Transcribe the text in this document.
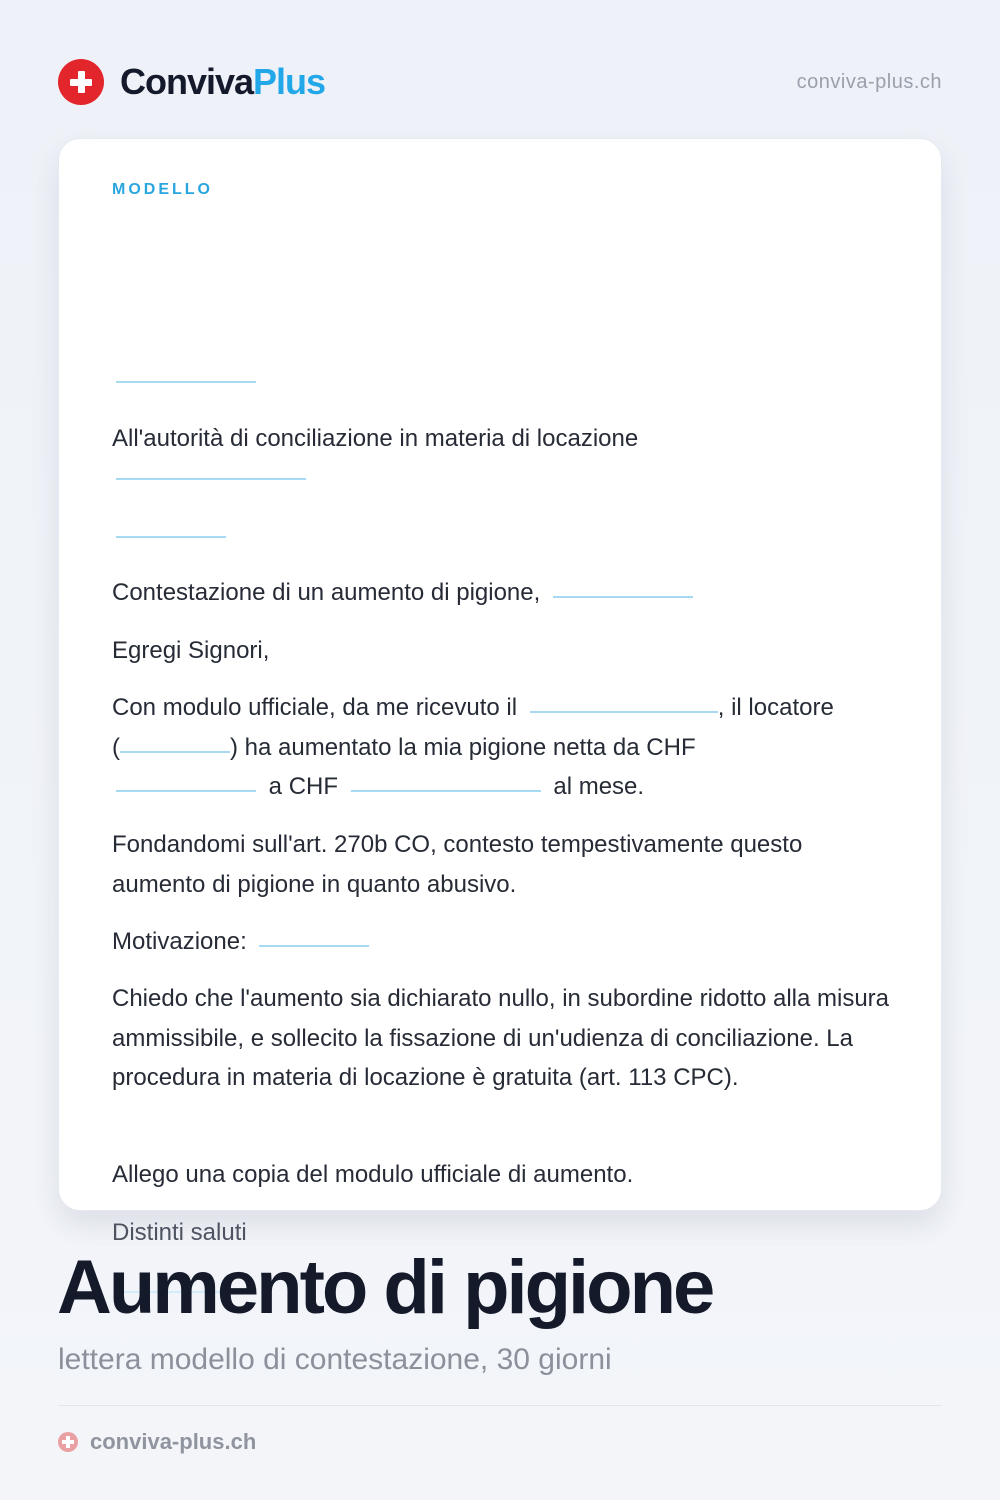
ConvivaPlus	conviva-plus.ch
MODELLO

All'autorità di conciliazione in materia di locazione

Contestazione di un aumento di pigione,

Egregi Signori,

Con modulo ufficiale, da me ricevuto il	, il locatore
(	) ha aumentato la mia pigione netta da CHF
a CHF	al mese.

Fondandomi sull'art. 270b CO, contesto tempestivamente questo aumento di pigione in quanto abusivo.

Motivazione:

Chiedo che l'aumento sia dichiarato nullo, in subordine ridotto alla misura ammissibile, e sollecito la fissazione di un'udienza di conciliazione. La procedura in materia di locazione è gratuita (art. 113 CPC).

Allego una copia del modulo ufficiale di aumento.

Distinti saluti

Aumento di pigione
lettera modello di contestazione, 30 giorni
conviva-plus.ch
